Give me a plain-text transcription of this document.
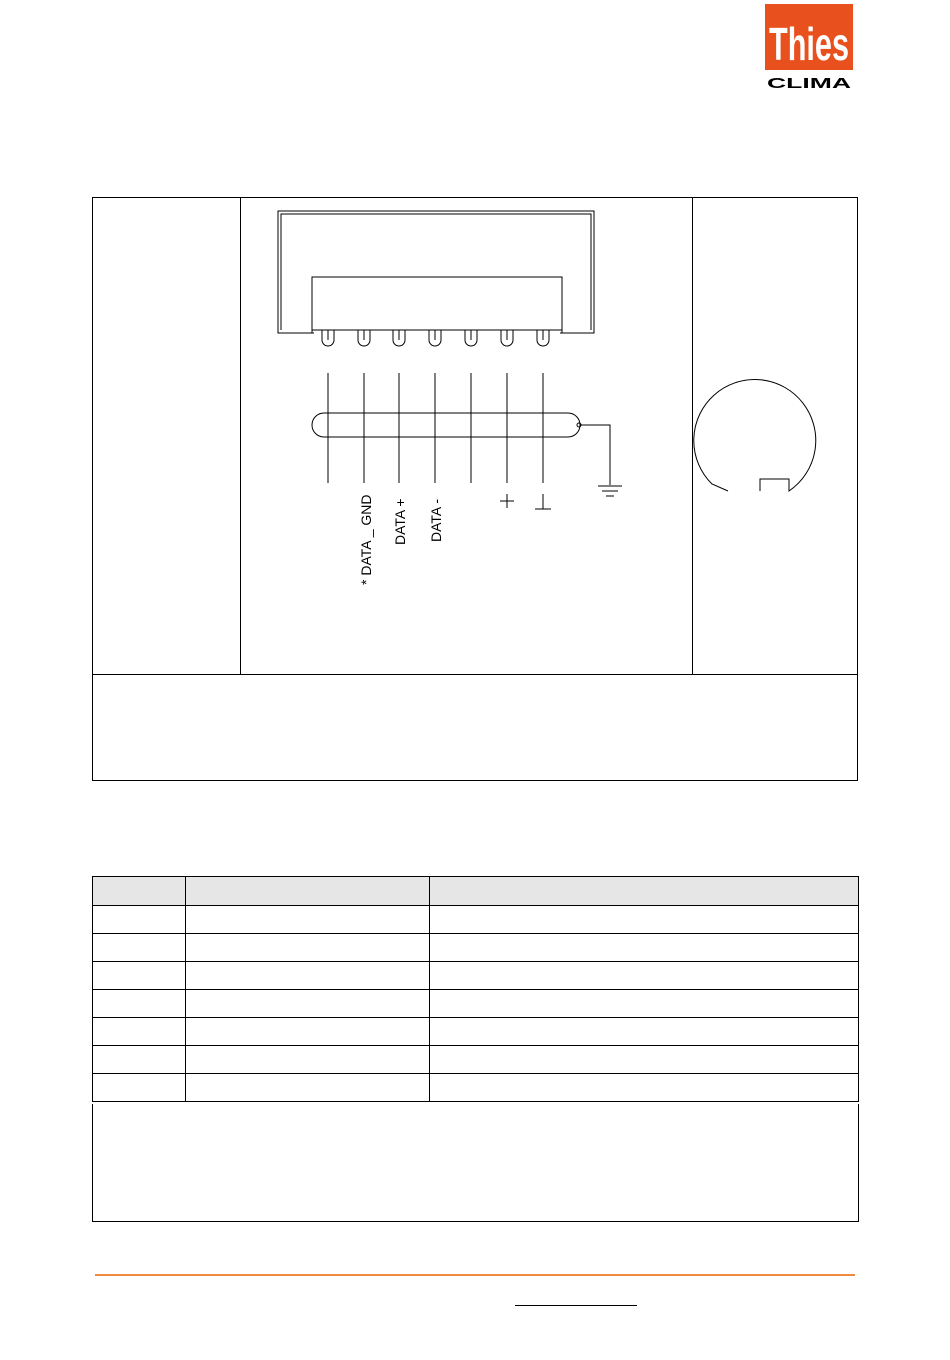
Thies
CLIMA
* DATA _ GND DATA + DATA -
